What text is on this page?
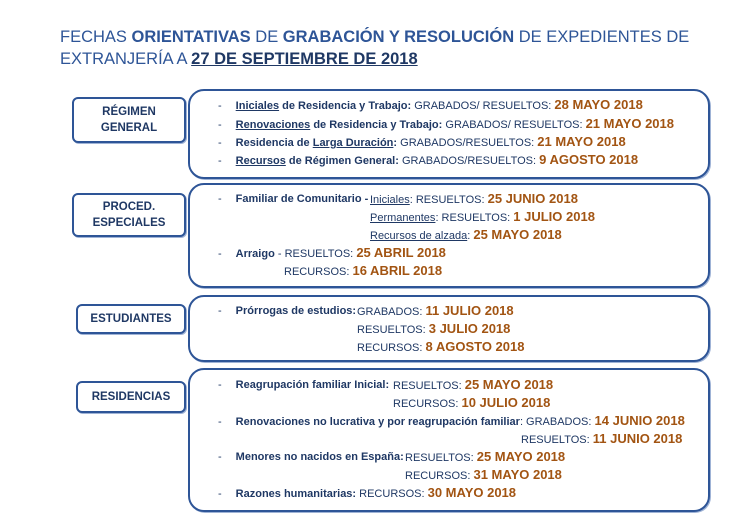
FECHAS ORIENTATIVAS DE GRABACIÓN Y RESOLUCIÓN DE EXPEDIENTES DE EXTRANJERÍA A 27 DE SEPTIEMBRE DE 2018
RÉGIMEN
GENERAL
- Iniciales de Residencia y Trabajo: GRABADOS/ RESUELTOS: 28 MAYO 2018
- Renovaciones de Residencia y Trabajo: GRABADOS/ RESUELTOS: 21 MAYO 2018
- Residencia de Larga Duración: GRABADOS/RESUELTOS: 21 MAYO 2018
- Recursos de Régimen General: GRABADOS/RESUELTOS: 9 AGOSTO 2018
PROCED.
ESPECIALES
- Familiar de Comunitario - Iniciales: RESUELTOS: 25 JUNIO 2018
Permanentes: RESUELTOS: 1 JULIO 2018
Recursos de alzada: 25 MAYO 2018
- Arraigo - RESUELTOS: 25 ABRIL 2018
RECURSOS: 16 ABRIL 2018
ESTUDIANTES
- Prórrogas de estudios: GRABADOS: 11 JULIO 2018
RESUELTOS: 3 JULIO 2018
RECURSOS: 8 AGOSTO 2018
RESIDENCIAS
- Reagrupación familiar Inicial: RESUELTOS: 25 MAYO 2018
RECURSOS: 10 JULIO 2018
- Renovaciones no lucrativa y por reagrupación familiar: GRABADOS: 14 JUNIO 2018
RESUELTOS: 11 JUNIO 2018
- Menores no nacidos en España: RESUELTOS: 25 MAYO 2018
RECURSOS: 31 MAYO 2018
- Razones humanitarias: RECURSOS: 30 MAYO 2018
